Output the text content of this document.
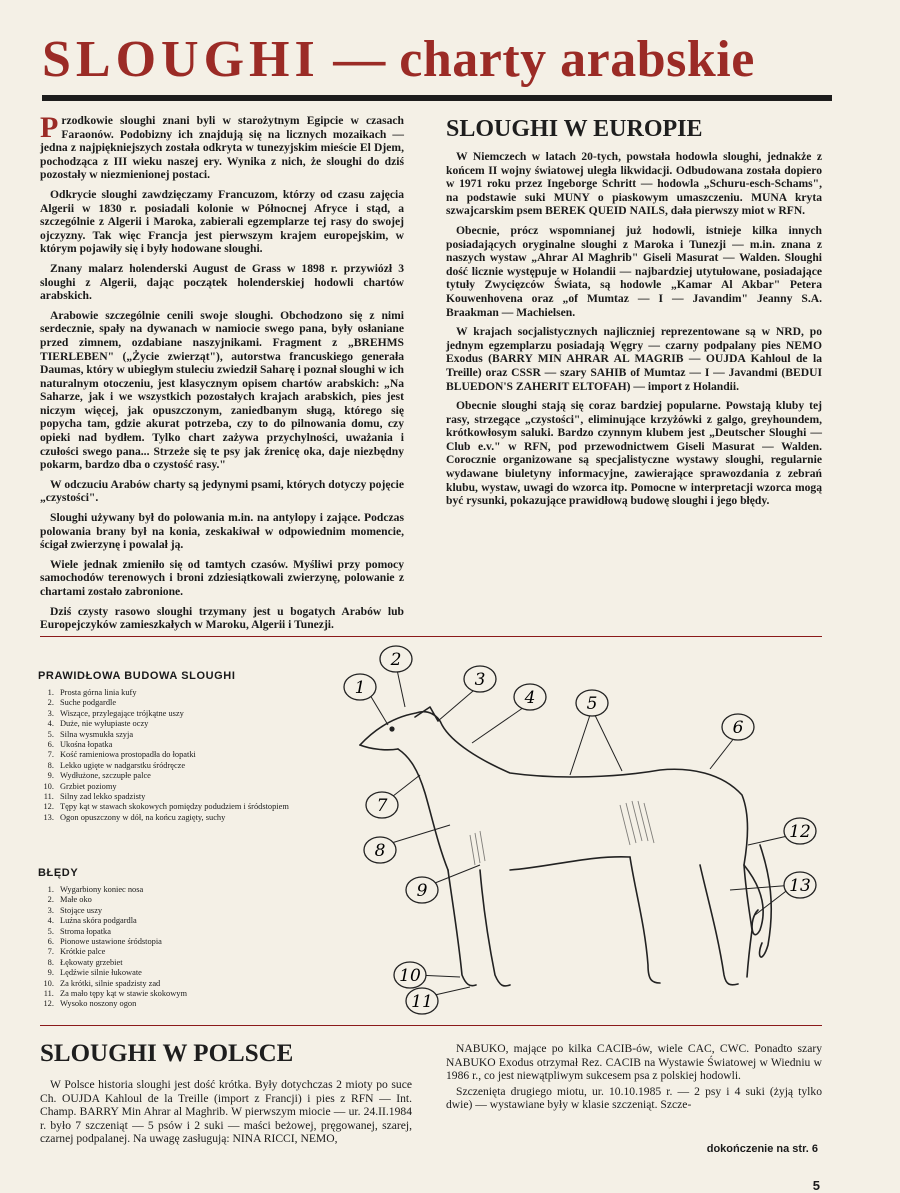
SLOUGHI — charty arabskie

Przodkowie sloughi znani byli w starożytnym Egipcie w czasach Faraonów. Podobizny ich znajdują się na licznych mozaikach — jedna z najpiękniejszych została odkryta w tunezyjskim mieście El Djem, pochodząca z III wieku naszej ery. Wynika z nich, że sloughi do dziś pozostały w niezmienionej postaci.

Odkrycie sloughi zawdzięczamy Francuzom, którzy od czasu zajęcia Algerii w 1830 r. posiadali kolonie w Północnej Afryce i stąd, a szczególnie z Algerii i Maroka, zabierali egzemplarze tej rasy do swojej ojczyzny. Tak więc Francja jest pierwszym krajem europejskim, w którym pojawiły się i były hodowane sloughi.

Znany malarz holenderski August de Grass w 1898 r. przywiózł 3 sloughi z Algerii, dając początek holenderskiej hodowli chartów arabskich.

Arabowie szczególnie cenili swoje sloughi. Obchodzono się z nimi serdecznie, spały na dywanach w namiocie swego pana, były osłaniane przed zimnem, ozdabiane naszyjnikami. Fragment z „BREHMS TIERLEBEN" („Życie zwierząt"), autorstwa francuskiego generała Daumas, który w ubiegłym stuleciu zwiedził Saharę i poznał sloughi w ich naturalnym otoczeniu, jest klasycznym opisem chartów arabskich: „Na Saharze, jak i we wszystkich pozostałych krajach arabskich, pies jest niczym więcej, jak opuszczonym, zaniedbanym sługą, którego się popycha tam, gdzie akurat potrzeba, czy to do pilnowania domu, czy opieki nad bydłem. Tylko chart zażywa przychylności, uważania i czułości swego pana... Strzeże się te psy jak źrenicę oka, daje niezbędny pokarm, bardzo dba o czystość rasy."

W odczuciu Arabów charty są jedynymi psami, których dotyczy pojęcie „czystości".

Sloughi używany był do polowania m.in. na antylopy i zające. Podczas polowania brany był na konia, zeskakiwał w odpowiednim momencie, ścigał zwierzynę i powalał ją.

Wiele jednak zmieniło się od tamtych czasów. Myśliwi przy pomocy samochodów terenowych i broni zdziesiątkowali zwierzynę, polowanie z chartami zostało zabronione.

Dziś czysty rasowo sloughi trzymany jest u bogatych Arabów lub Europejczyków zamieszkałych w Maroku, Algerii i Tunezji.

SLOUGHI W EUROPIE

W Niemczech w latach 20-tych, powstała hodowla sloughi, jednakże z końcem II wojny światowej uległa likwidacji. Odbudowana została dopiero w 1971 roku przez Ingeborge Schritt — hodowla „Schuru-esch-Schams", na podstawie suki MUNY o piaskowym umaszczeniu. MUNA kryta szwajcarskim psem BEREK QUEID NAILS, dała pierwszy miot w RFN.

Obecnie, prócz wspomnianej już hodowli, istnieje kilka innych posiadających oryginalne sloughi z Maroka i Tunezji — m.in. znana z naszych wystaw „Ahrar Al Maghrib" Giseli Masurat — Walden. Sloughi dość licznie występuje w Holandii — najbardziej utytułowane, posiadające tytuły Zwycięzców Świata, są hodowle „Kamar Al Akbar" Petera Kouwenhovena oraz „of Mumtaz — I — Javandim" Jeanny S.A. Braakman — Machielsen.

W krajach socjalistycznych najliczniej reprezentowane są w NRD, po jednym egzemplarzu posiadają Węgry — czarny podpalany pies NEMO Exodus (BARRY MIN AHRAR AL MAGRIB — OUJDA Kahloul de la Treille) oraz CSSR — szary SAHIB of Mumtaz — I — Javandmi (BEDUI BLUEDON'S ZAHERIT ELTOFAH) — import z Holandii.

Obecnie sloughi stają się coraz bardziej popularne. Powstają kluby tej rasy, strzegące „czystości", eliminujące krzyżówki z galgo, greyhoundem, krótkowłosym saluki. Bardzo czynnym klubem jest „Deutscher Sloughi — Club e.v." w RFN, pod przewodnictwem Giseli Masurat — Walden. Corocznie organizowane są specjalistyczne wystawy sloughi, regularnie wydawane biuletyny informacyjne, zawierające sprawozdania z zebrań klubu, wystaw, uwagi do wzorca itp. Pomocne w interpretacji wzorca mogą być rysunki, pokazujące prawidłową budowę sloughi i jego błędy.

PRAWIDŁOWA BUDOWA SLOUGHI
1. Prosta górna linia kufy
2. Suche podgardle
3. Wiszące, przylegające trójkątne uszy
4. Duże, nie wyłupiaste oczy
5. Silna wysmukła szyja
6. Ukośna łopatka
7. Kość ramieniowa prostopadła do łopatki
8. Lekko ugięte w nadgarstku śródręcze
9. Wydłużone, szczupłe palce
10. Grzbiet poziomy
11. Silny zad lekko spadzisty
12. Tępy kąt w stawach skokowych pomiędzy podudziem i śródstopiem
13. Ogon opuszczony w dół, na końcu zagięty, suchy
BŁĘDY
1. Wygarbiony koniec nosa
2. Małe oko
3. Stojące uszy
4. Luźna skóra podgardla
5. Stroma łopatka
6. Pionowe ustawione śródstopia
7. Krótkie palce
8. Łękowaty grzebiet
9. Lędźwie silnie łukowate
10. Za krótki, silnie spadzisty zad
11. Za mało tępy kąt w stawie skokowym
12. Wysoko noszony ogon
1
2
3
4	5
6
7
8
9
10
11
12
13
SLOUGHI W POLSCE

W Polsce historia sloughi jest dość krótka. Były dotychczas 2 mioty po suce Ch. OUJDA Kahloul de la Treille (import z Francji) i pies z RFN — Int. Champ. BARRY Min Ahrar al Maghrib. W pierwszym miocie — ur. 24.II.1984 r. było 7 szczeniąt — 5 psów i 2 suki — maści beżowej, pręgowanej, szarej, czarnej podpalanej. Na uwagę zasługują: NINA RICCI, NEMO,

NABUKO, mające po kilka CACIB-ów, wiele CAC, CWC. Ponadto szary NABUKO Exodus otrzymał Rez. CACIB na Wystawie Światowej w Wiedniu w 1986 r., co jest niewątpliwym sukcesem psa z polskiej hodowli.

Szczenięta drugiego miotu, ur. 10.10.1985 r. — 2 psy i 4 suki (żyją tylko dwie) — wystawiane były w klasie szczeniąt. Szcze-

dokończenie na str. 6
5
